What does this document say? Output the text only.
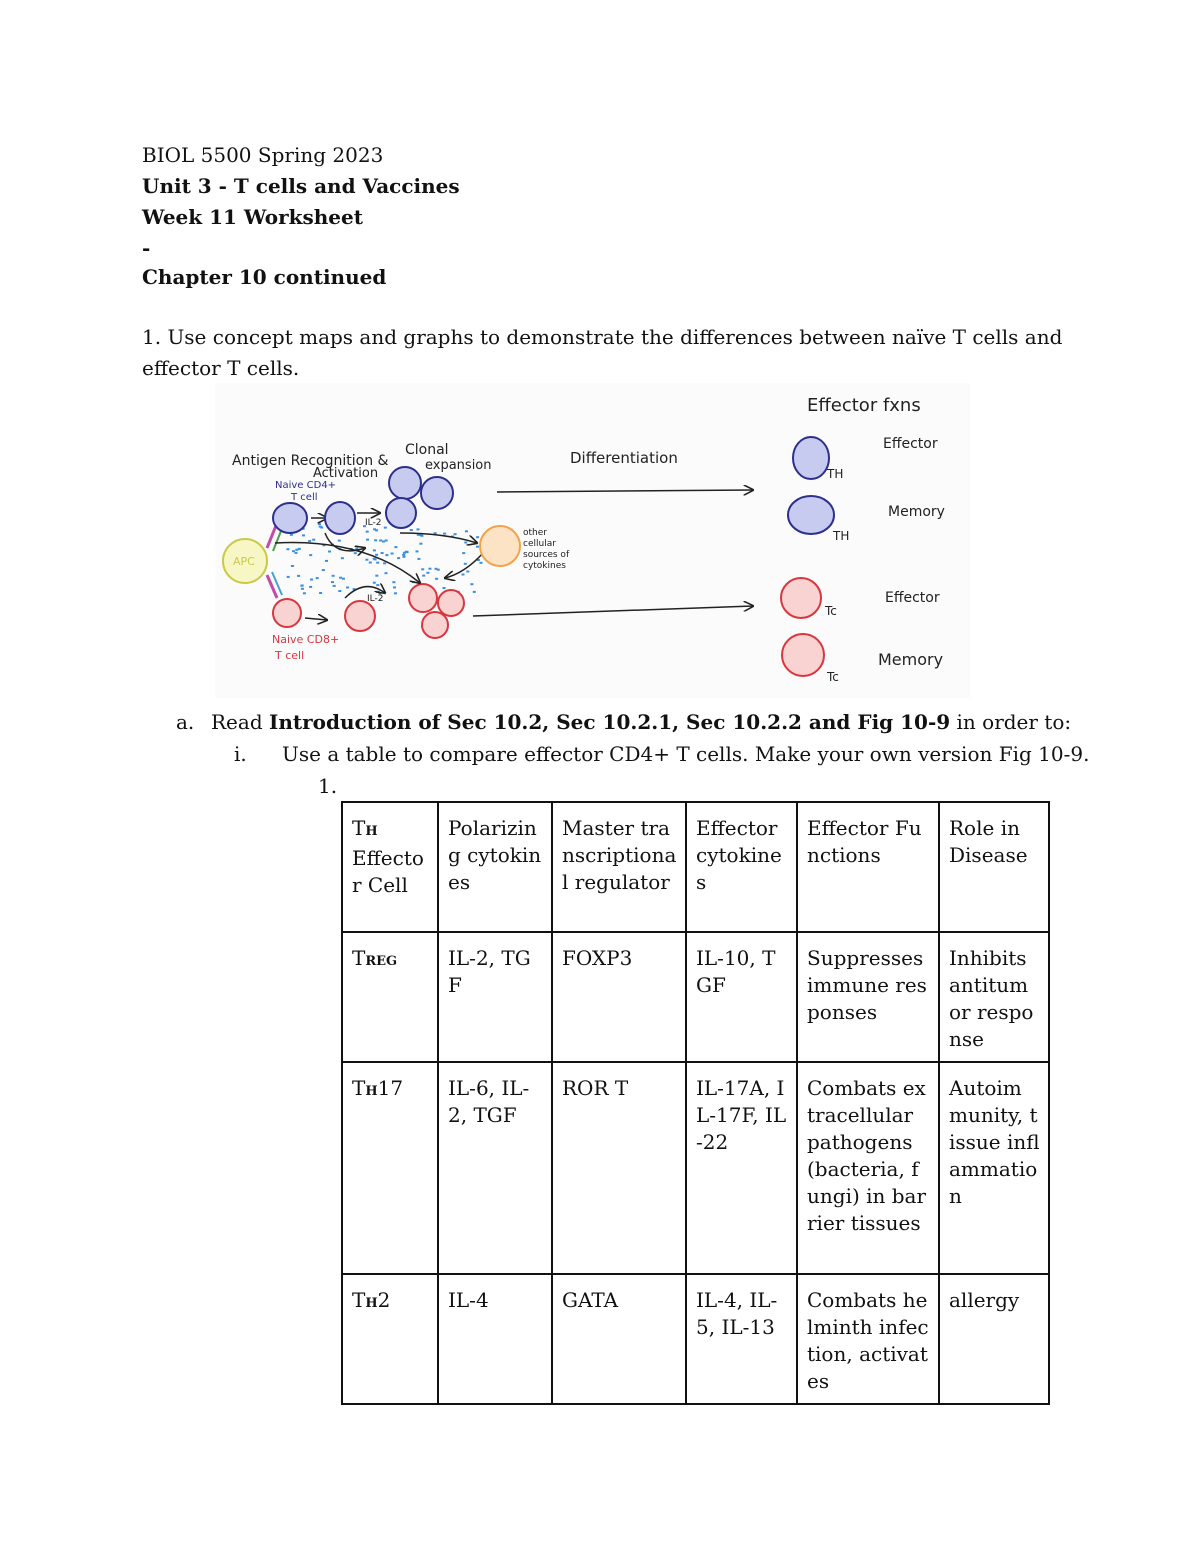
BIOL 5500 Spring 2023
Unit 3 - T cells and Vaccines
Week 11 Worksheet
-
Chapter 10 continued
1. Use concept maps and graphs to demonstrate the differences between naïve T cells and
effector T cells.
Effector fxns
Antigen Recognition &
Activation
Clonal
expansion	Differentiation
Naive CD4+
T cell
Naive CD8+
T cell
APC
IL-2
IL-2
other
cellular
sources of
cytokines
TH
Effector
TH
Memory
Tc
Effector
Tc
Memory
a. Read Introduction of Sec 10.2, Sec 10.2.1, Sec 10.2.2 and Fig 10-9 in order to:
i. Use a table to compare effector CD4+ T cells. Make your own version Fig 10-9.
1.
TH
Effector Cell	Polarizing cytokines	Master transcriptional regulator	Effector cytokines	Effector Functions	Role in Disease
TREG	IL-2, TGF	FOXP3	IL-10, TGF	Suppresses immune responses	Inhibits antitumor response
TH17	IL-6, IL-2, TGF	ROR T	IL-17A, IL-17F, IL-22	Combats extracellular pathogens (bacteria, fungi) in barrier tissues	Autoimmunity, tissue inflammation
TH2	IL-4	GATA	IL-4, IL-5, IL-13	Combats helminth infection, activates	allergy
